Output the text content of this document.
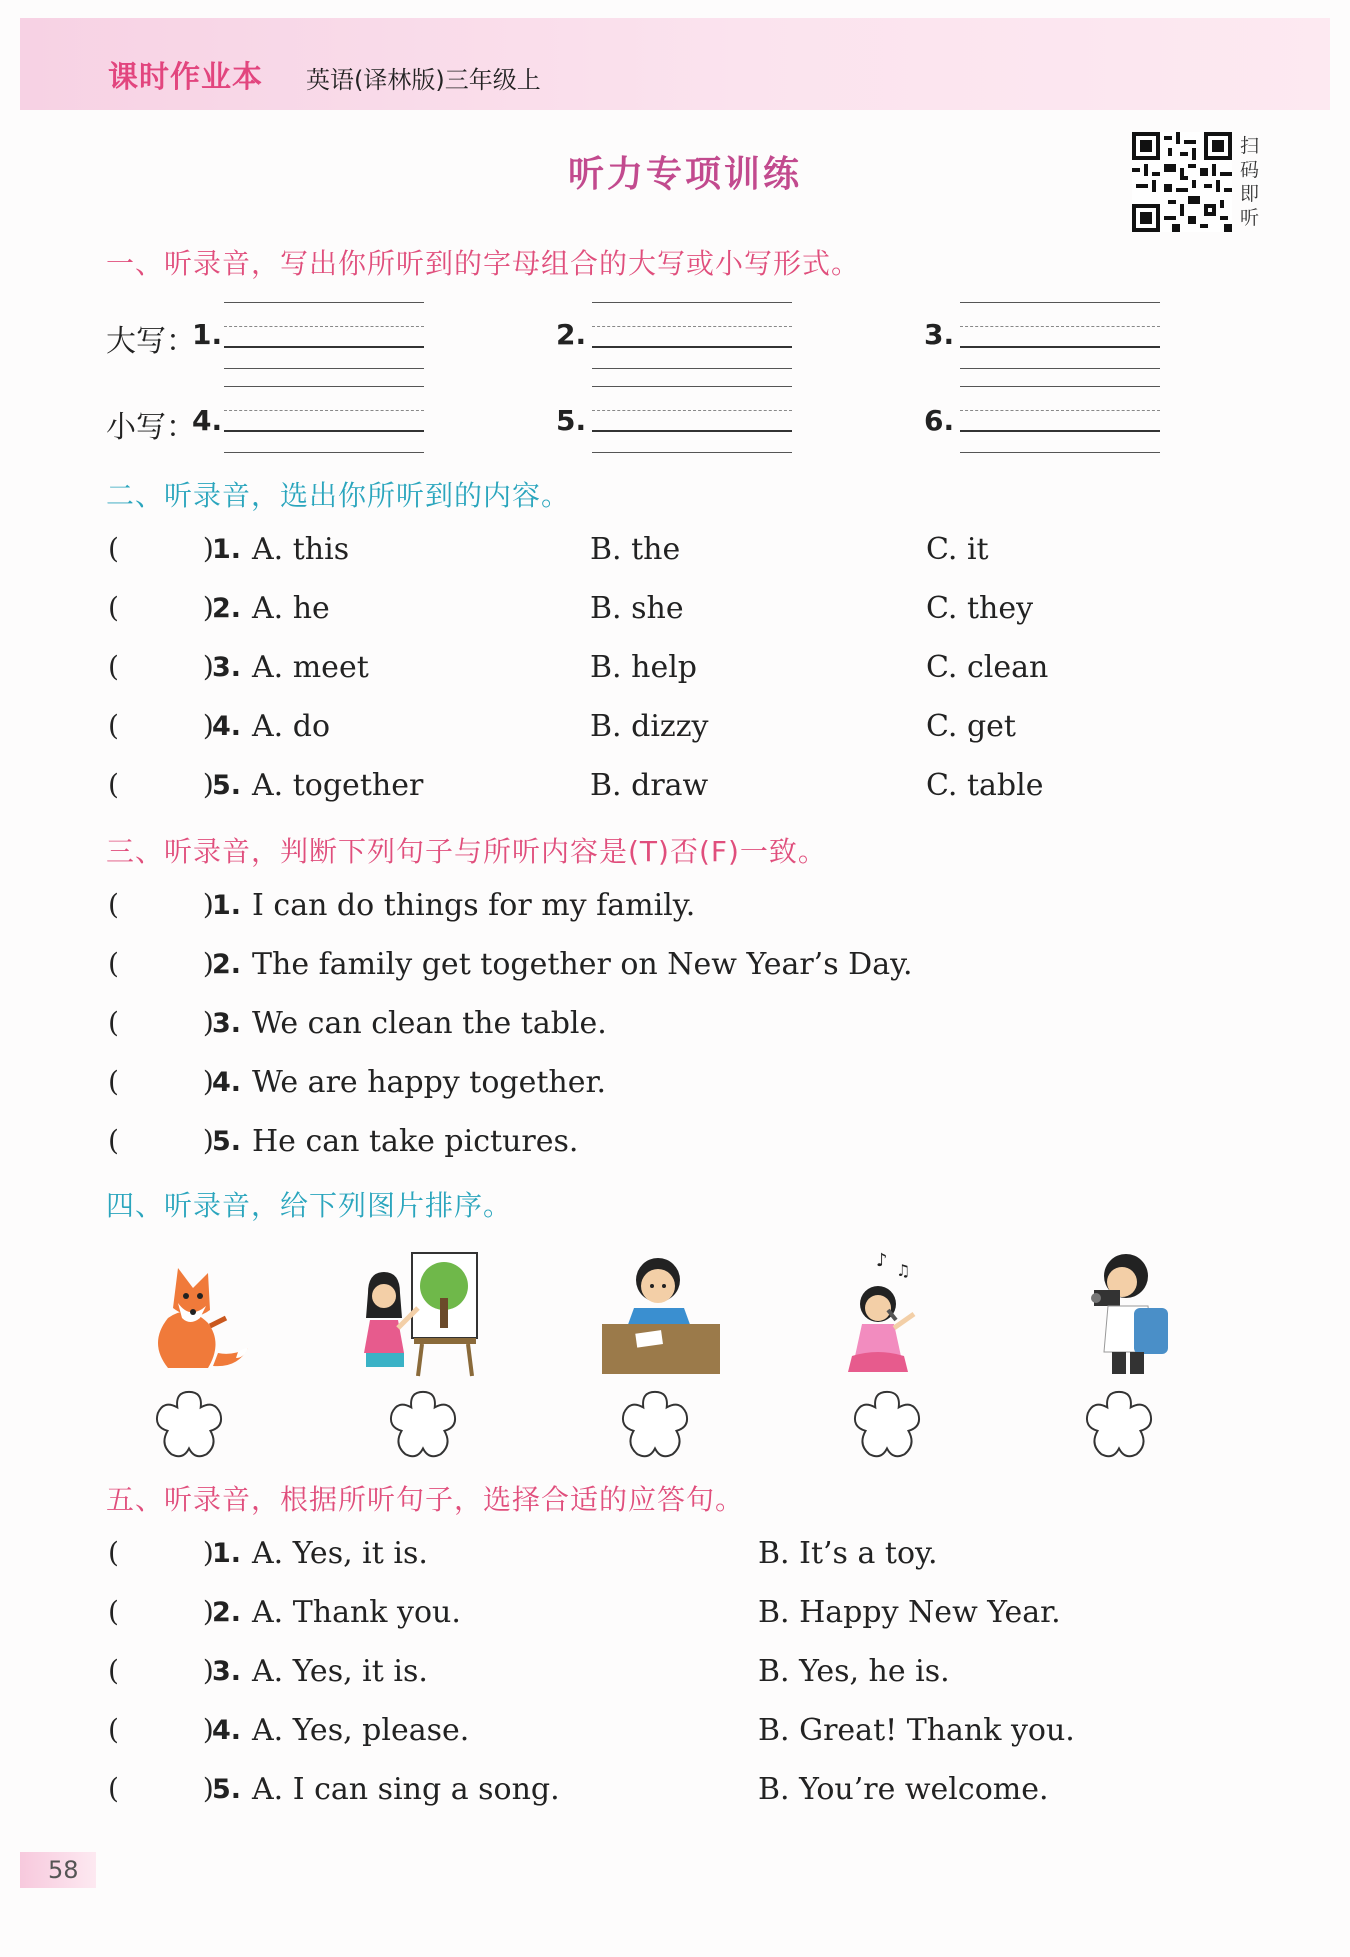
课时作业本 英语(译林版)三年级上
听力专项训练
扫
码
即
听
一、听录音，写出你所听到的字母组合的大写或小写形式。
大写：
小写：
1.	2.	3.
4.	5.	6.
二、听录音，选出你所听到的内容。
(   )
1. A. this	B. the	C. it
(   )
2. A. he	B. she	C. they
(   )
3. A. meet	B. help	C. clean
(   )
4. A. do	B. dizzy	C. get
(   )
5. A. together	B. draw	C. table
三、听录音，判断下列句子与所听内容是(T)否(F)一致。
(   )
1. I can do things for my family.
(   )
2. The family get together on New Year’s Day.
(   )
3. We can clean the table.
(   )
4. We are happy together.
(   )
5. He can take pictures.
四、听录音，给下列图片排序。
♪ ♫
五、听录音，根据所听句子，选择合适的应答句。
(   )
1. A. Yes, it is.	B. It’s a toy.
(   )
2. A. Thank you.	B. Happy New Year.
(   )
3. A. Yes, it is.	B. Yes, he is.
(   )
4. A. Yes, please.	B. Great! Thank you.
(   )
5. A. I can sing a song.	B. You’re welcome.
58
